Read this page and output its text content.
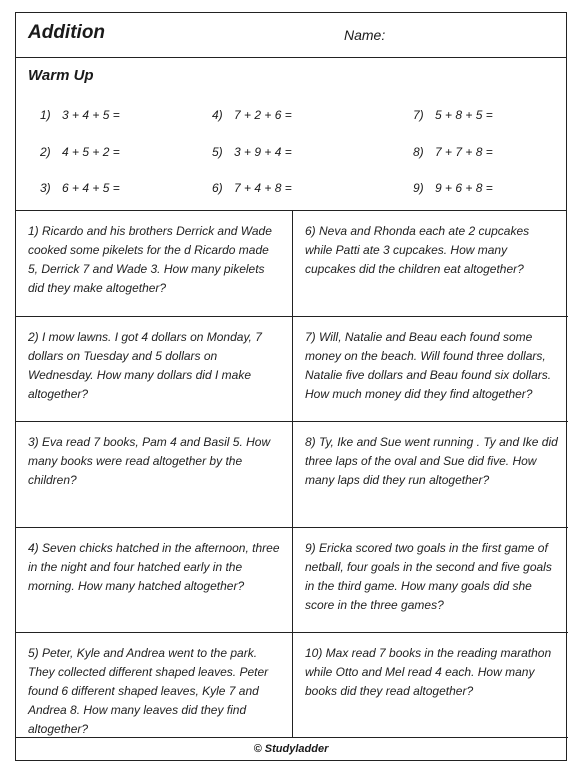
Addition	Name:
Warm Up
1) 3 + 4 + 5 =
2) 4 + 5 + 2 =
3) 6 + 4 + 5 =
4) 7 + 2 + 6 =
5) 3 + 9 + 4 =
6) 7 + 4 + 8 =
7) 5 + 8 + 5 =
8) 7 + 7 + 8 =
9) 9 + 6 + 8 =
1) Ricardo and his brothers Derrick and Wade cooked some pikelets for the d Ricardo made 5, Derrick 7 and Wade 3. How many pikelets did they make altogether?
6) Neva and Rhonda each ate 2 cupcakes while Patti ate 3 cupcakes. How many cupcakes did the children eat altogether?
2) I mow lawns. I got 4 dollars on Monday, 7 dollars on Tuesday and 5 dollars on Wednesday. How many dollars did I make altogether?
7) Will, Natalie and Beau each found some money on the beach. Will found three dollars, Natalie five dollars and Beau found six dollars. How much money did they find altogether?
3) Eva read 7 books, Pam 4 and Basil 5. How many books were read altogether by the children?
8) Ty, Ike and Sue went running . Ty and Ike did three laps of the oval and Sue did five. How many laps did they run altogether?
4) Seven chicks hatched in the afternoon, three in the night and four hatched early in the morning. How many hatched altogether?
9) Ericka scored two goals in the first game of netball, four goals in the second and five goals in the third game. How many goals did she score in the three games?
5) Peter, Kyle and Andrea went to the park. They collected different shaped leaves. Peter found 6 different shaped leaves, Kyle 7 and Andrea 8. How many leaves did they find altogether?
10) Max read 7 books in the reading marathon while Otto and Mel read 4 each. How many books did they read altogether?
© Studyladder
